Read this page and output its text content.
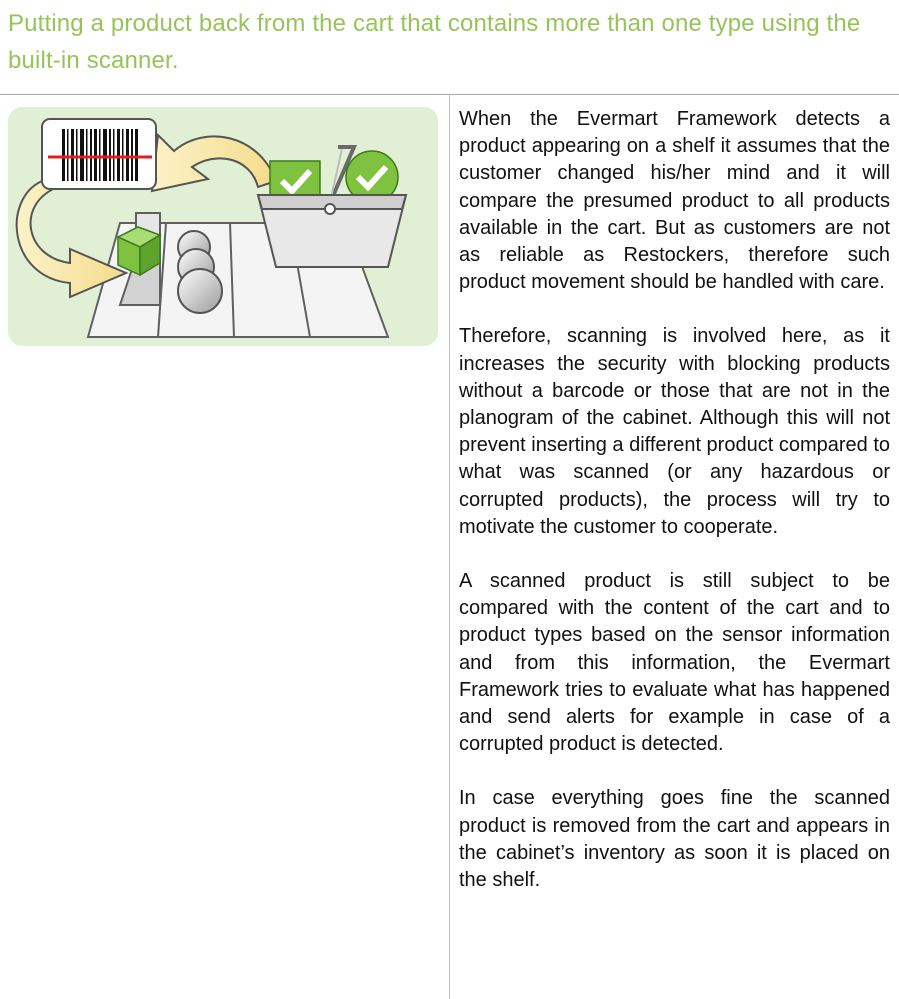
Putting a product back from the cart that contains more than one type using the built-in scanner.

When the Evermart Framework detects a product appearing on a shelf it assumes that the customer changed his/her mind and it will compare the presumed product to all products available in the cart. But as customers are not as reliable as Restockers, therefore such product movement should be handled with care.

Therefore, scanning is involved here, as it increases the security with blocking products without a barcode or those that are not in the planogram of the cabinet. Although this will not prevent inserting a different product compared to what was scanned (or any hazardous or corrupted products), the process will try to motivate the customer to cooperate.

A scanned product is still subject to be compared with the content of the cart and to product types based on the sensor information and from this information, the Evermart Framework tries to evaluate what has happened and send alerts for example in case of a corrupted product is detected.

In case everything goes fine the scanned product is removed from the cart and appears in the cabinet’s inventory as soon it is placed on the shelf.
